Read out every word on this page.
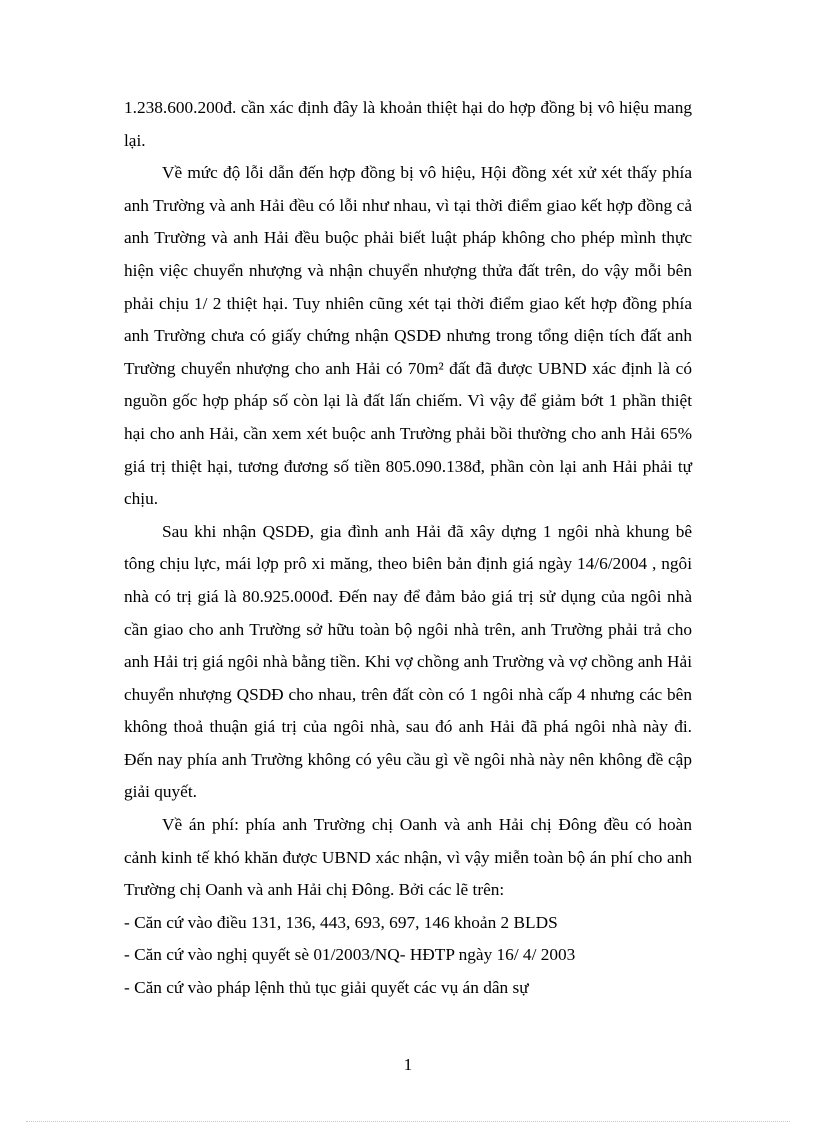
1.238.600.200đ. cần xác định đây là khoản thiệt hại do hợp đồng bị vô hiệu mang lại.

Về mức độ lỗi dẫn đến hợp đồng bị vô hiệu, Hội đồng xét xử xét thấy phía anh Trường và anh Hải đều có lỗi như nhau, vì tại thời điểm giao kết hợp đồng cả anh Trường và anh Hải đều buộc phải biết luật pháp không cho phép mình thực hiện việc chuyển nhượng và nhận chuyển nhượng thửa đất trên, do vậy mỗi bên phải chịu 1/ 2 thiệt hại. Tuy nhiên cũng xét tại thời điểm giao kết hợp đồng phía anh Trường chưa có giấy chứng nhận QSDĐ nhưng trong tổng diện tích đất anh Trường chuyển nhượng cho anh Hải có 70m² đất đã được UBND xác định là có nguồn gốc hợp pháp số còn lại là đất lấn chiếm. Vì vậy để giảm bớt 1 phần thiệt hại cho anh Hải, cần xem xét buộc anh Trường phải bồi thường cho anh Hải 65% giá trị thiệt hại, tương đương số tiền 805.090.138đ, phần còn lại anh Hải phải tự chịu.

Sau khi nhận QSDĐ, gia đình anh Hải đã xây dựng 1 ngôi nhà khung bê tông chịu lực, mái lợp prô xi măng, theo biên bản định giá ngày 14/6/2004 , ngôi nhà có trị giá là 80.925.000đ. Đến nay để đảm bảo giá trị sử dụng của ngôi nhà cần giao cho anh Trường sở hữu toàn bộ ngôi nhà trên, anh Trường phải trả cho anh Hải trị giá ngôi nhà bằng tiền. Khi vợ chồng anh Trường và vợ chồng anh Hải chuyển nhượng QSDĐ cho nhau, trên đất còn có 1 ngôi nhà cấp 4 nhưng các bên không thoả thuận giá trị của ngôi nhà, sau đó anh Hải đã phá ngôi nhà này đi. Đến nay phía anh Trường không có yêu cầu gì về ngôi nhà này nên không đề cập giải quyết.

Về án phí: phía anh Trường chị Oanh và anh Hải chị Đông đều có hoàn cảnh kinh tế khó khăn được UBND xác nhận, vì vậy miễn toàn bộ án phí cho anh Trường chị Oanh và anh Hải chị Đông. Bởi các lẽ trên:

- Căn cứ vào điều 131, 136, 443, 693, 697, 146 khoản 2 BLDS
- Căn cứ vào nghị quyết sè 01/2003/NQ- HĐTP ngày 16/ 4/ 2003
- Căn cứ vào pháp lệnh thủ tục giải quyết các vụ án dân sự
1
